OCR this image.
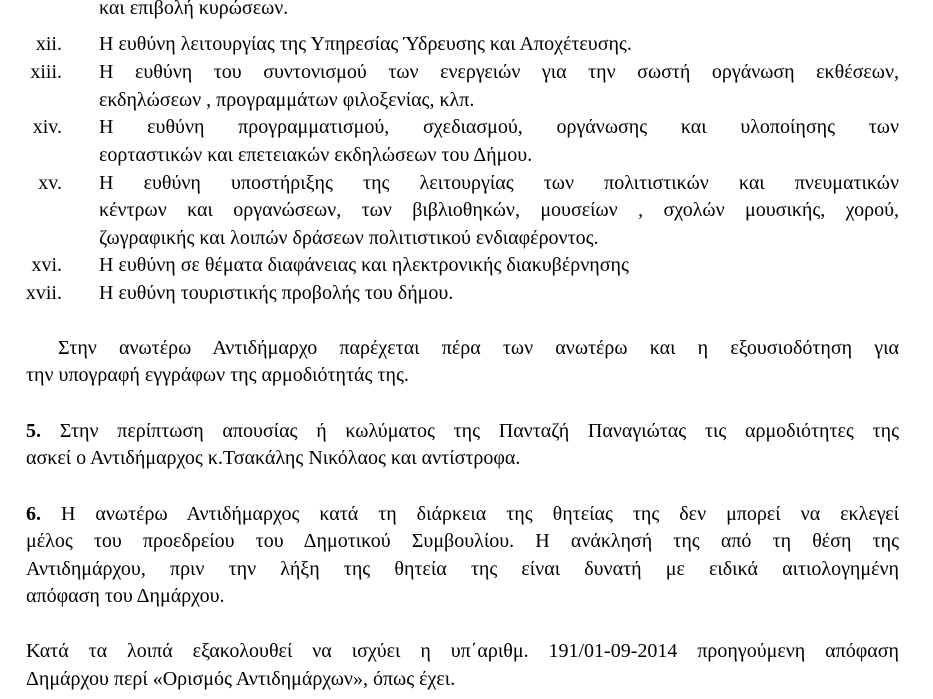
και επιβολή κυρώσεων.
xii. Η ευθύνη λειτουργίας της Υπηρεσίας Ύδρευσης και Αποχέτευσης.
xiii. Η ευθύνη του συντονισμού των ενεργειών για την σωστή οργάνωση εκθέσεων,
εκδηλώσεων , προγραμμάτων φιλοξενίας, κλπ.
xiv. Η ευθύνη προγραμματισμού, σχεδιασμού, οργάνωσης και υλοποίησης των
εορταστικών και επετειακών εκδηλώσεων του Δήμου.
xv. Η ευθύνη υποστήριξης της λειτουργίας των πολιτιστικών και πνευματικών
κέντρων και οργανώσεων, των βιβλιοθηκών, μουσείων , σχολών μουσικής, χορού,
ζωγραφικής και λοιπών δράσεων πολιτιστικού ενδιαφέροντος.
xvi. Η ευθύνη σε θέματα διαφάνειας και ηλεκτρονικής διακυβέρνησης
xvii. Η ευθύνη τουριστικής προβολής του δήμου.
Στην ανωτέρω Αντιδήμαρχο παρέχεται πέρα των ανωτέρω και η εξουσιοδότηση για
την υπογραφή εγγράφων της αρμοδιότητάς της.
5. Στην περίπτωση απουσίας ή κωλύματος της Πανταζή Παναγιώτας τις αρμοδιότητες της
ασκεί ο Αντιδήμαρχος κ.Τσακάλης Νικόλαος και αντίστροφα.
6. Η ανωτέρω Αντιδήμαρχος κατά τη διάρκεια της θητείας της δεν μπορεί να εκλεγεί
μέλος του προεδρείου του Δημοτικού Συμβουλίου. Η ανάκλησή της από τη θέση της
Αντιδημάρχου, πριν την λήξη της θητεία της είναι δυνατή με ειδικά αιτιολογημένη
απόφαση του Δημάρχου.
Κατά τα λοιπά εξακολουθεί να ισχύει η υπ΄αριθμ. 191/01-09-2014 προηγούμενη απόφαση
Δημάρχου περί «Ορισμός Αντιδημάρχων», όπως έχει.
